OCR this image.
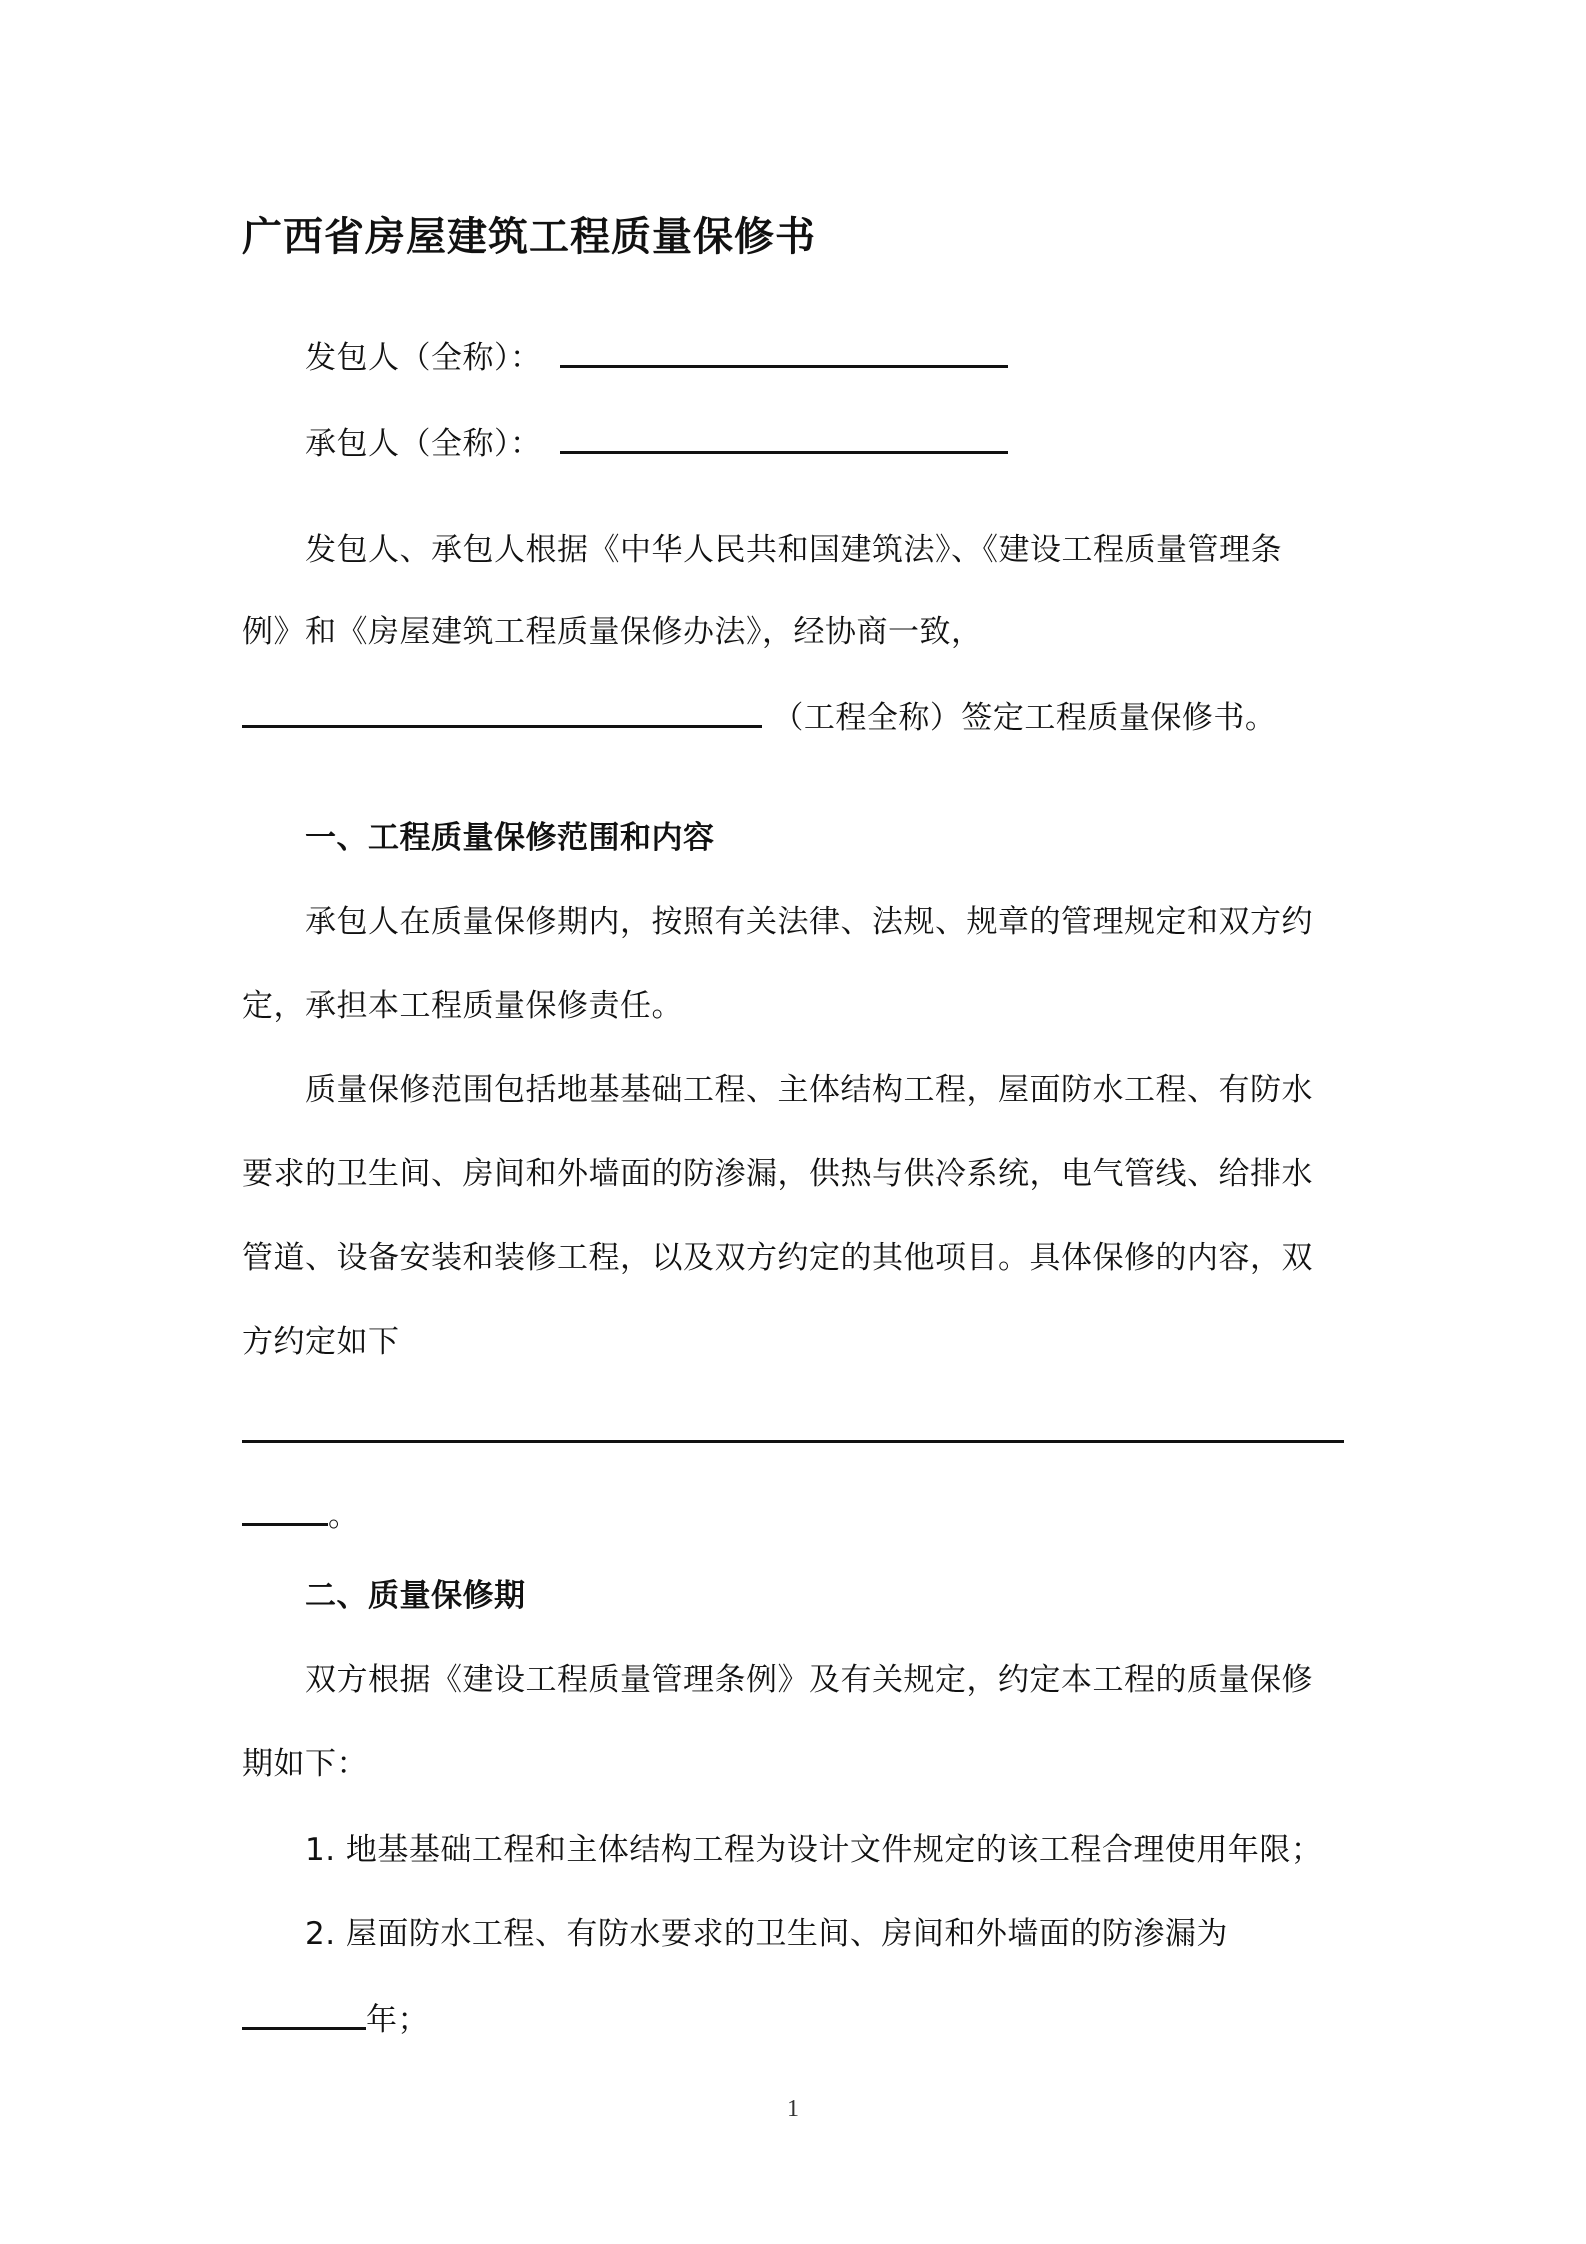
广西省房屋建筑工程质量保修书
发包人（全称）：
承包人（全称）：
发包人、承包人根据《中华人民共和国建筑法》、《建设工程质量管理条
例》和《房屋建筑工程质量保修办法》，经协商一致，
（工程全称）签定工程质量保修书。
一、工程质量保修范围和内容
承包人在质量保修期内，按照有关法律、法规、规章的管理规定和双方约
定，承担本工程质量保修责任。
质量保修范围包括地基基础工程、主体结构工程，屋面防水工程、有防水
要求的卫生间、房间和外墙面的防渗漏，供热与供冷系统，电气管线、给排水
管道、设备安装和装修工程，以及双方约定的其他项目。具体保修的内容，双
方约定如下
。
二、质量保修期
双方根据《建设工程质量管理条例》及有关规定，约定本工程的质量保修
期如下：
1. 地基基础工程和主体结构工程为设计文件规定的该工程合理使用年限；
2. 屋面防水工程、有防水要求的卫生间、房间和外墙面的防渗漏为
年；
1
